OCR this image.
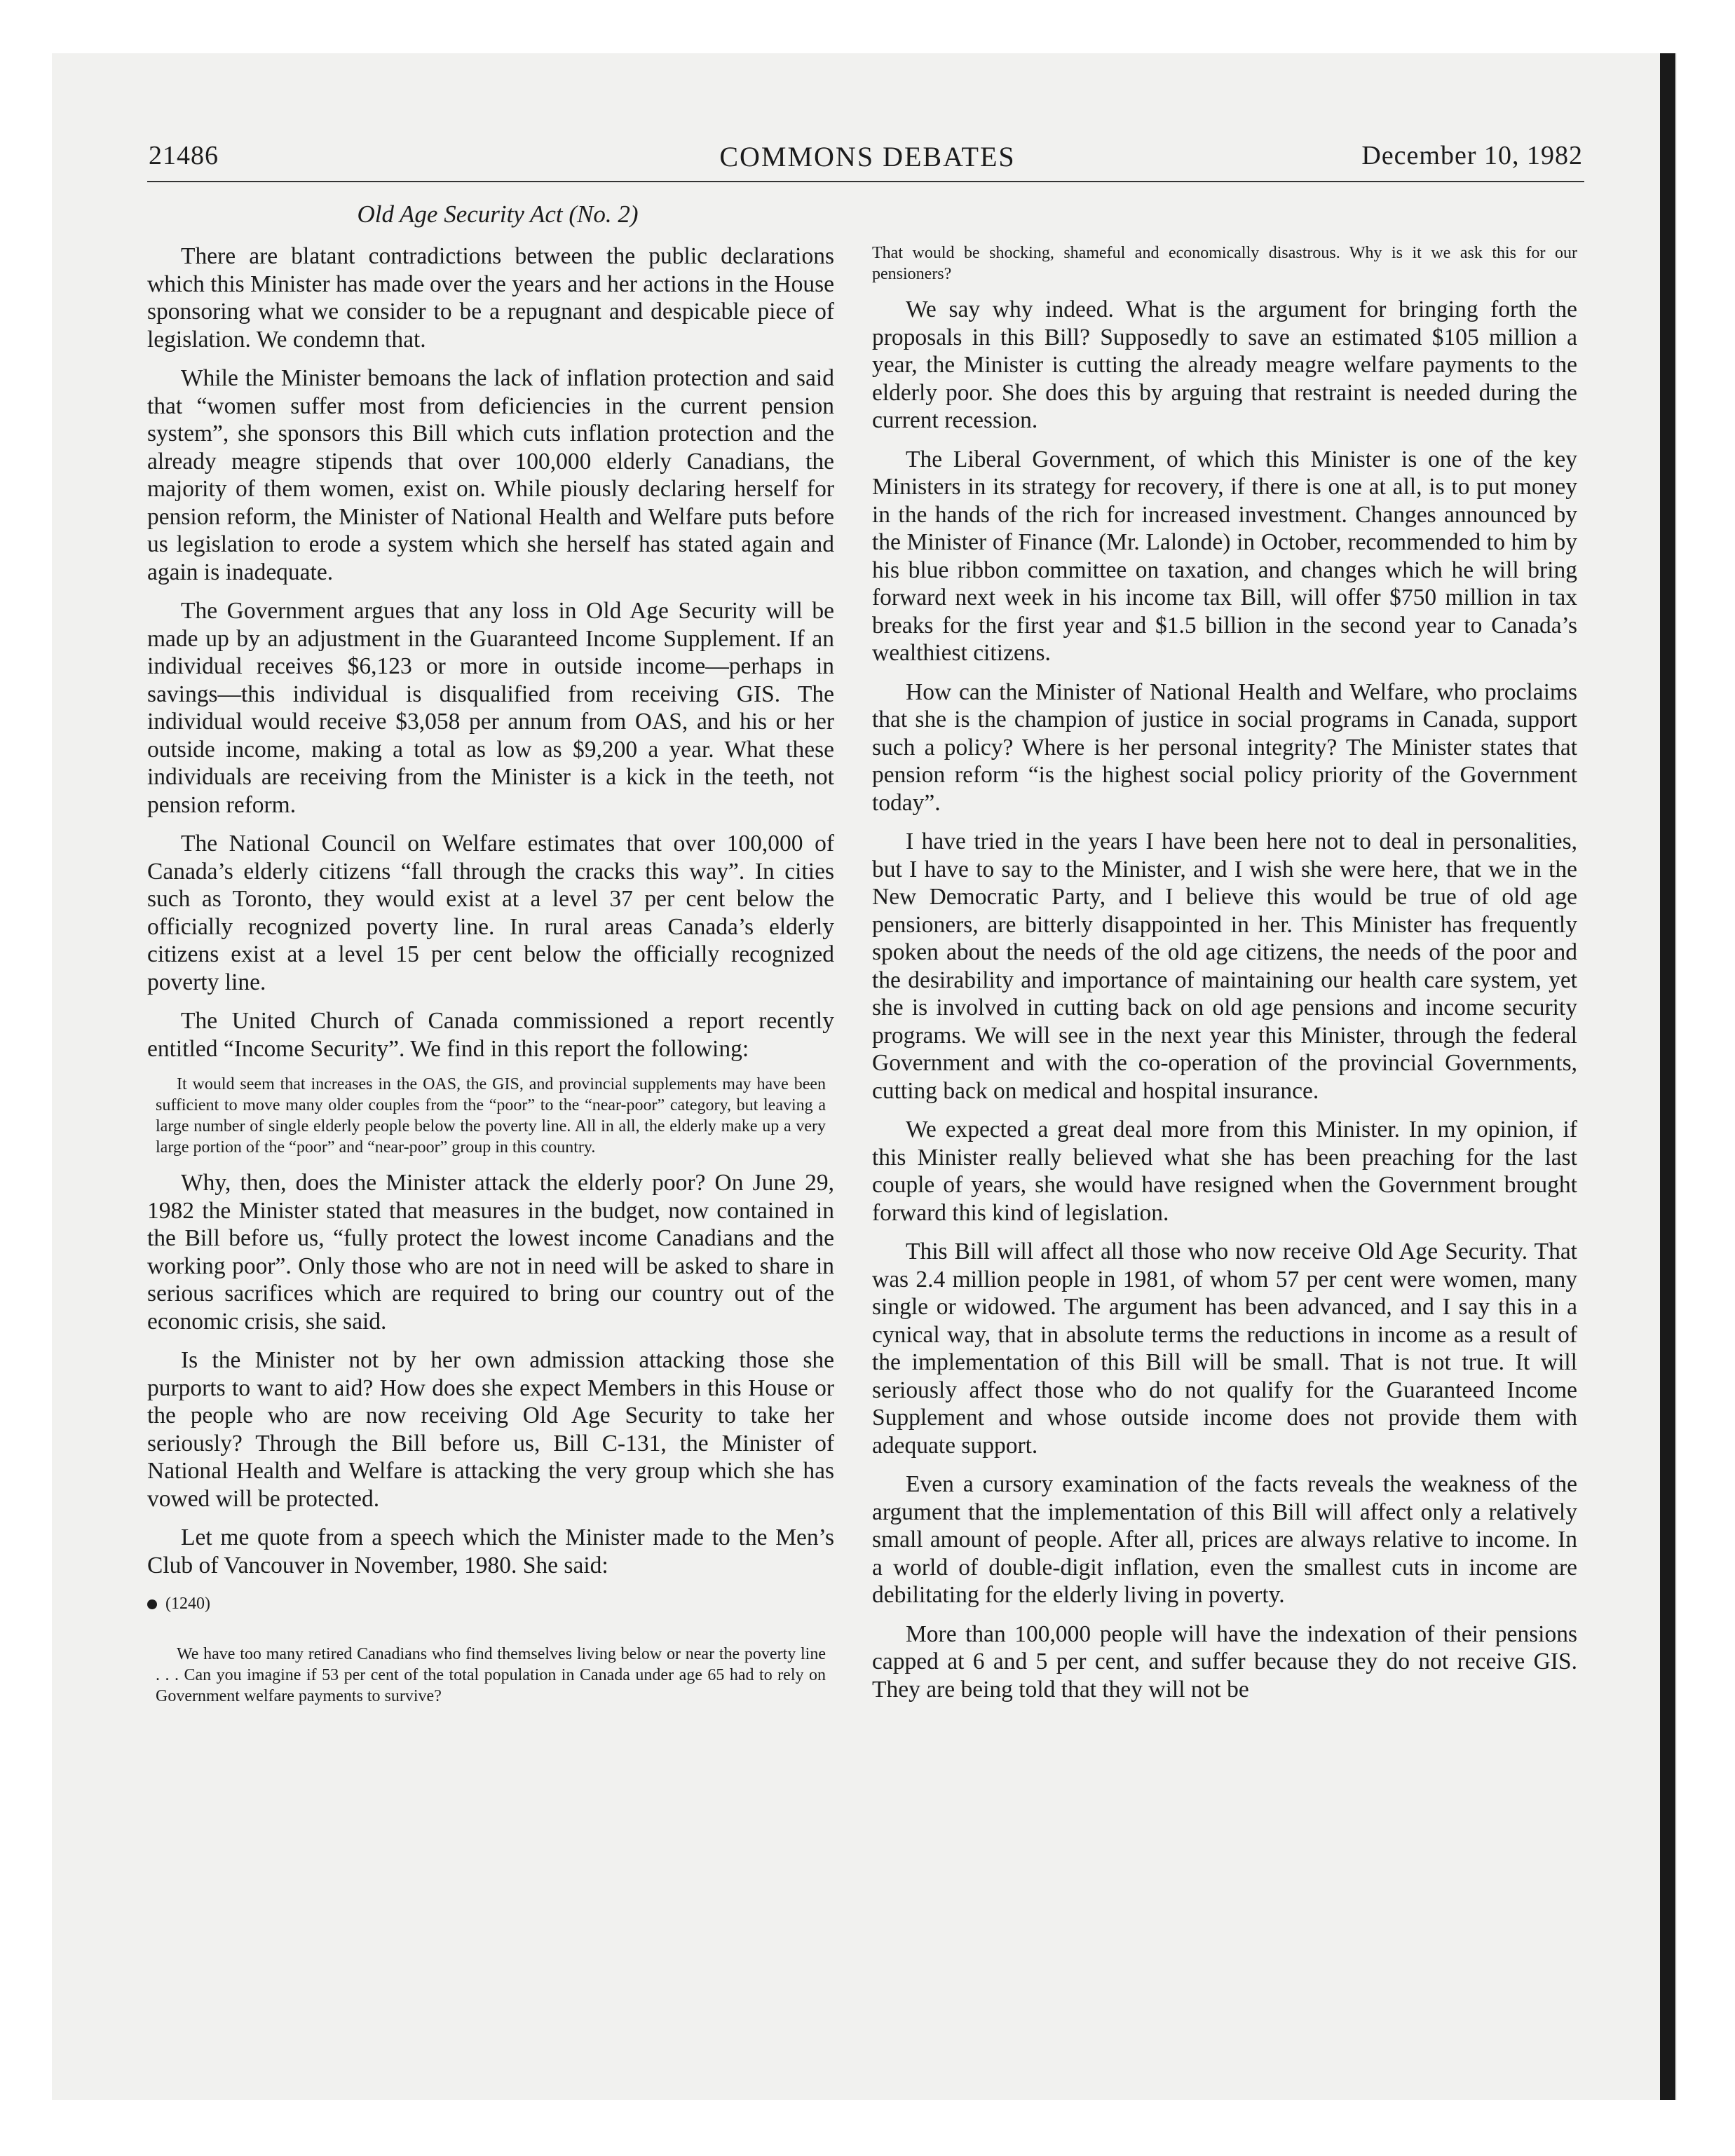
21486	COMMONS DEBATES	December 10, 1982
Old Age Security Act (No. 2)

There are blatant contradictions between the public declarations which this Minister has made over the years and her actions in the House sponsoring what we consider to be a repugnant and despicable piece of legislation. We condemn that.

While the Minister bemoans the lack of inflation protection and said that “women suffer most from deficiencies in the current pension system”, she sponsors this Bill which cuts inflation protection and the already meagre stipends that over 100,000 elderly Canadians, the majority of them women, exist on. While piously declaring herself for pension reform, the Minister of National Health and Welfare puts before us legislation to erode a system which she herself has stated again and again is inadequate.

The Government argues that any loss in Old Age Security will be made up by an adjustment in the Guaranteed Income Supplement. If an individual receives $6,123 or more in outside income—perhaps in savings—this individual is disqualified from receiving GIS. The individual would receive $3,058 per annum from OAS, and his or her outside income, making a total as low as $9,200 a year. What these individuals are receiving from the Minister is a kick in the teeth, not pension reform.

The National Council on Welfare estimates that over 100,000 of Canada’s elderly citizens “fall through the cracks this way”. In cities such as Toronto, they would exist at a level 37 per cent below the officially recognized poverty line. In rural areas Canada’s elderly citizens exist at a level 15 per cent below the officially recognized poverty line.

The United Church of Canada commissioned a report recently entitled “Income Security”. We find in this report the following:

It would seem that increases in the OAS, the GIS, and provincial supplements may have been sufficient to move many older couples from the “poor” to the “near-poor” category, but leaving a large number of single elderly people below the poverty line. All in all, the elderly make up a very large portion of the “poor” and “near-poor” group in this country.

Why, then, does the Minister attack the elderly poor? On June 29, 1982 the Minister stated that measures in the budget, now contained in the Bill before us, “fully protect the lowest income Canadians and the working poor”. Only those who are not in need will be asked to share in serious sacrifices which are required to bring our country out of the economic crisis, she said.

Is the Minister not by her own admission attacking those she purports to want to aid? How does she expect Members in this House or the people who are now receiving Old Age Security to take her seriously? Through the Bill before us, Bill C-131, the Minister of National Health and Welfare is attacking the very group which she has vowed will be protected.

Let me quote from a speech which the Minister made to the Men’s Club of Vancouver in November, 1980. She said:

(1240)
We have too many retired Canadians who find themselves living below or near the poverty line . . . Can you imagine if 53 per cent of the total population in Canada under age 65 had to rely on Government welfare payments to survive?
That would be shocking, shameful and economically disastrous. Why is it we ask this for our pensioners?

We say why indeed. What is the argument for bringing forth the proposals in this Bill? Supposedly to save an estimated $105 million a year, the Minister is cutting the already meagre welfare payments to the elderly poor. She does this by arguing that restraint is needed during the current recession.

The Liberal Government, of which this Minister is one of the key Ministers in its strategy for recovery, if there is one at all, is to put money in the hands of the rich for increased investment. Changes announced by the Minister of Finance (Mr. Lalonde) in October, recommended to him by his blue ribbon committee on taxation, and changes which he will bring forward next week in his income tax Bill, will offer $750 million in tax breaks for the first year and $1.5 billion in the second year to Canada’s wealthiest citizens.

How can the Minister of National Health and Welfare, who proclaims that she is the champion of justice in social programs in Canada, support such a policy? Where is her personal integrity? The Minister states that pension reform “is the highest social policy priority of the Government today”.

I have tried in the years I have been here not to deal in personalities, but I have to say to the Minister, and I wish she were here, that we in the New Democratic Party, and I believe this would be true of old age pensioners, are bitterly disappointed in her. This Minister has frequently spoken about the needs of the old age citizens, the needs of the poor and the desirability and importance of maintaining our health care system, yet she is involved in cutting back on old age pensions and income security programs. We will see in the next year this Minister, through the federal Government and with the co-operation of the provincial Governments, cutting back on medical and hospital insurance.

We expected a great deal more from this Minister. In my opinion, if this Minister really believed what she has been preaching for the last couple of years, she would have resigned when the Government brought forward this kind of legislation.

This Bill will affect all those who now receive Old Age Security. That was 2.4 million people in 1981, of whom 57 per cent were women, many single or widowed. The argument has been advanced, and I say this in a cynical way, that in absolute terms the reductions in income as a result of the implementation of this Bill will be small. That is not true. It will seriously affect those who do not qualify for the Guaranteed Income Supplement and whose outside income does not provide them with adequate support.

Even a cursory examination of the facts reveals the weakness of the argument that the implementation of this Bill will affect only a relatively small amount of people. After all, prices are always relative to income. In a world of double-digit inflation, even the smallest cuts in income are debilitating for the elderly living in poverty.

More than 100,000 people will have the indexation of their pensions capped at 6 and 5 per cent, and suffer because they do not receive GIS. They are being told that they will not be
